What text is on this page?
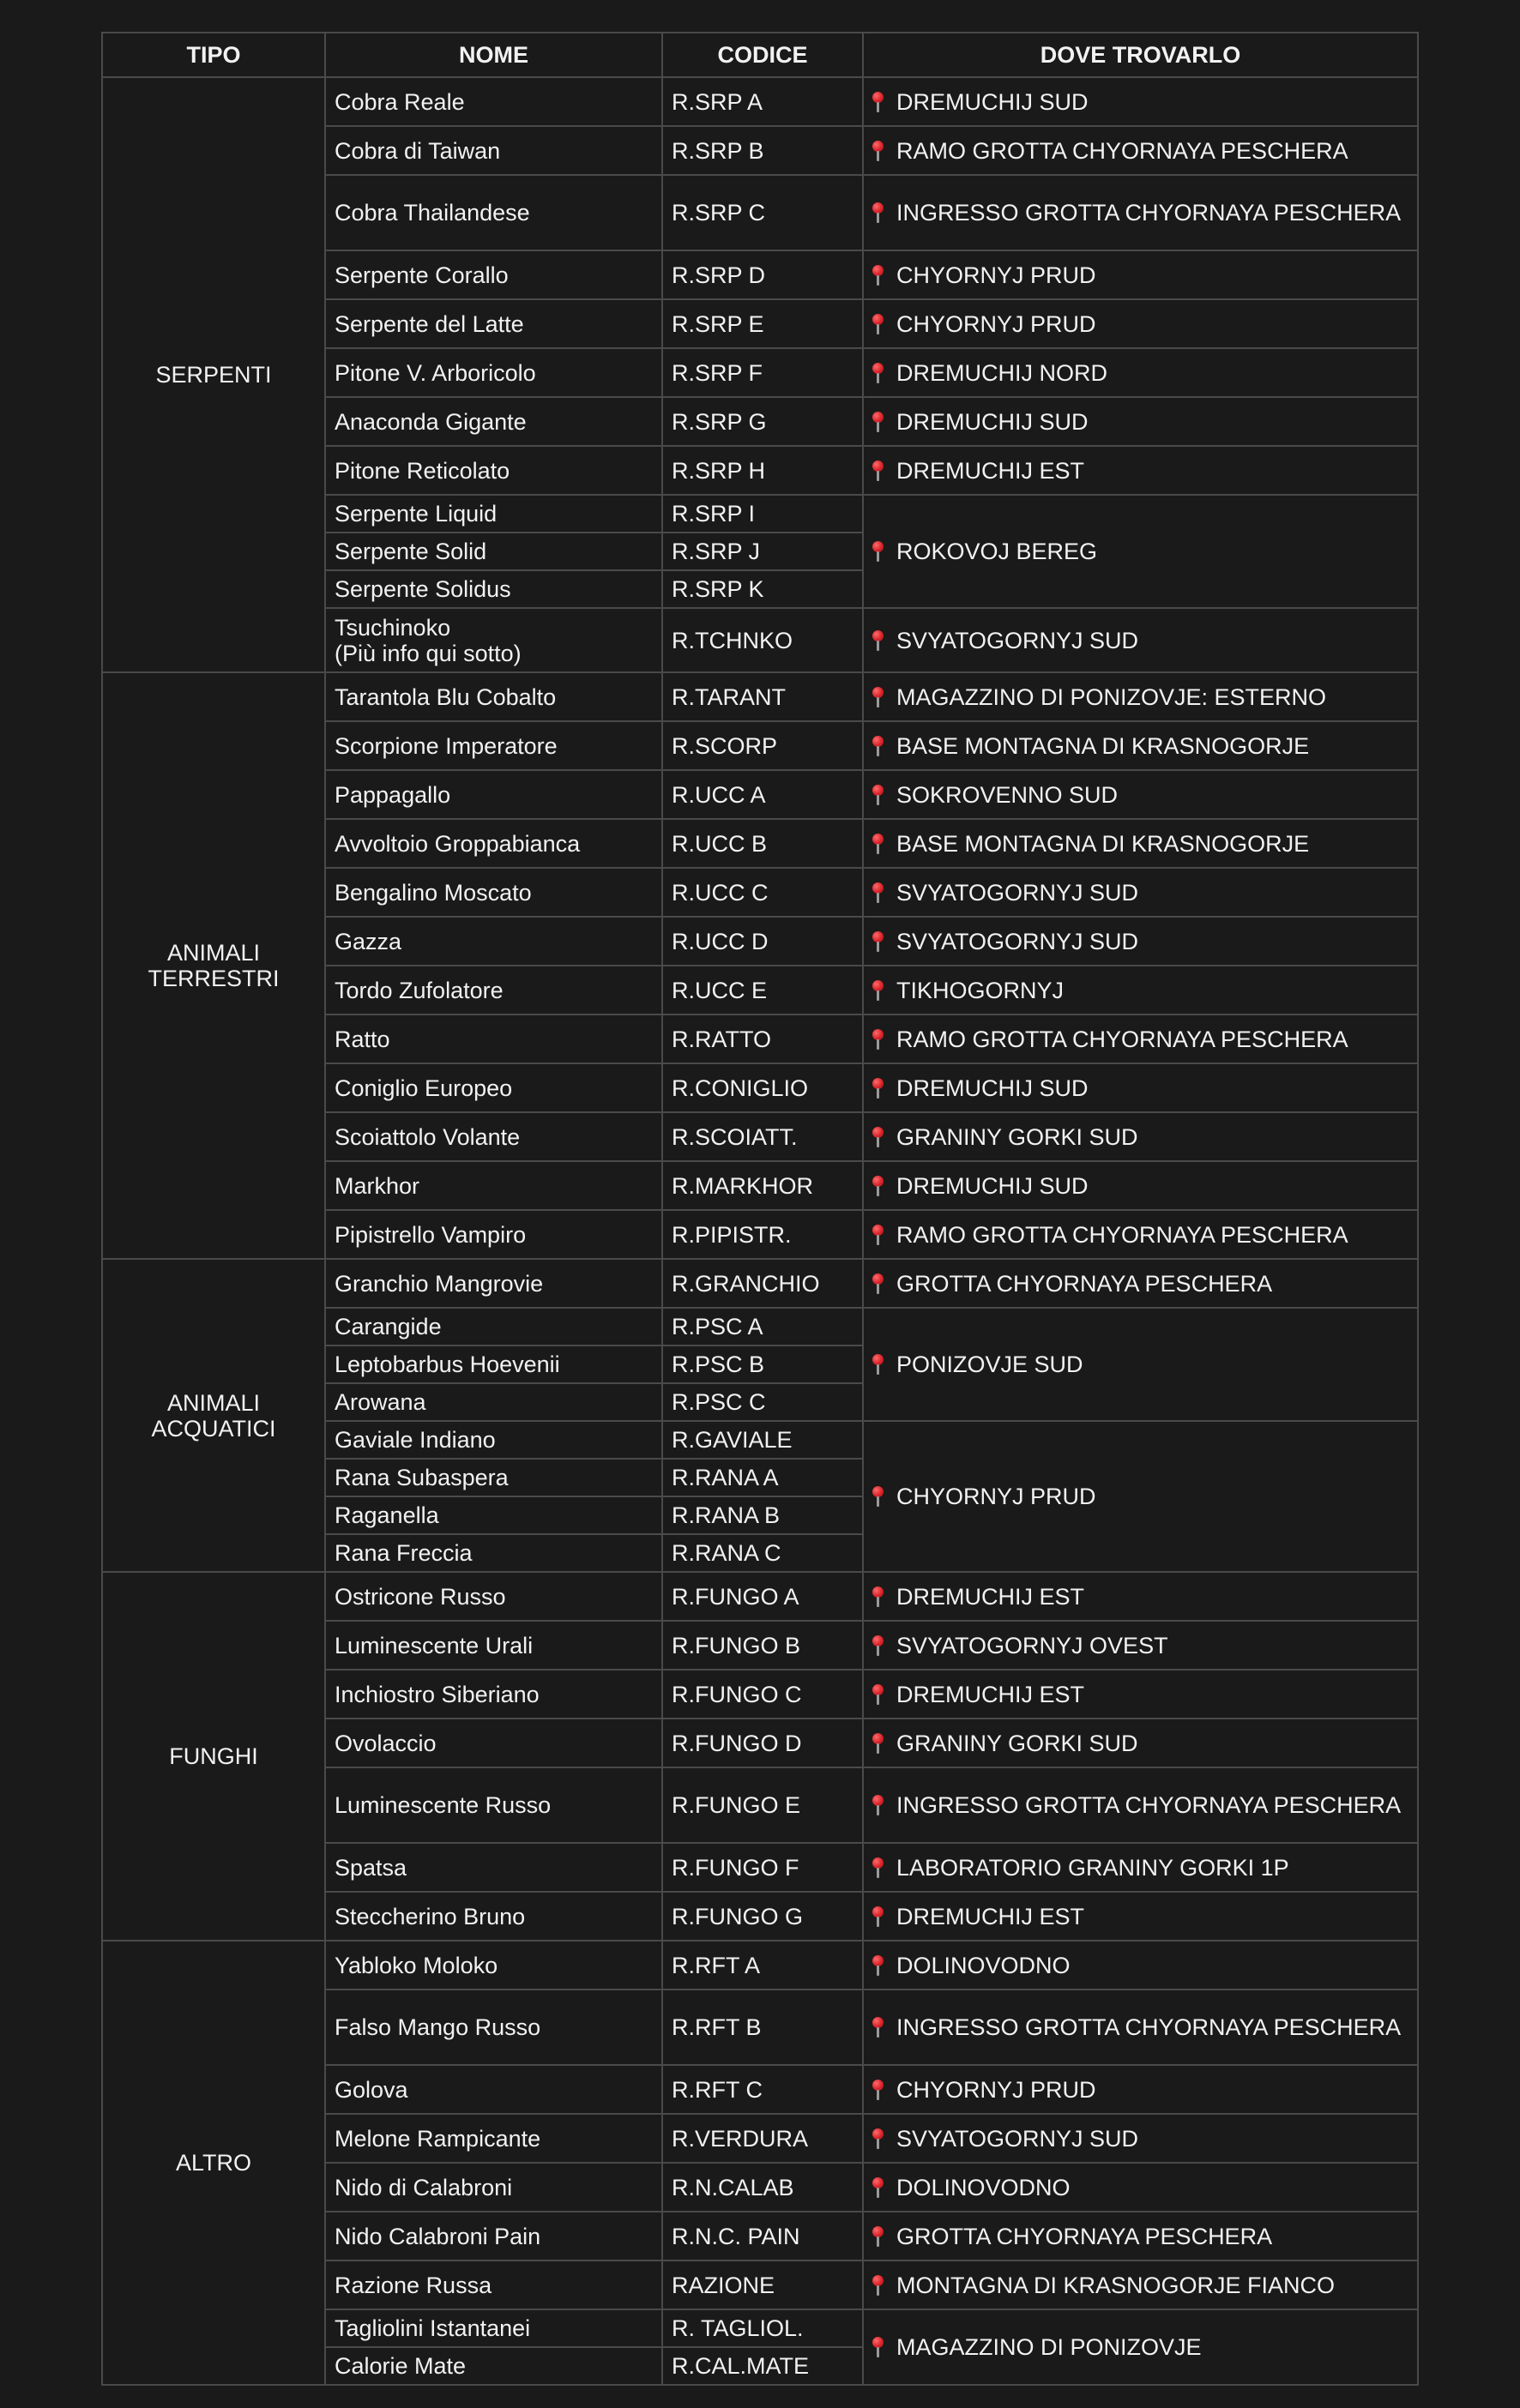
TIPO	NOME	CODICE	DOVE TROVARLO
SERPENTI	Cobra Reale	R.SRP A	DREMUCHIJ SUD
	Cobra di Taiwan	R.SRP B	RAMO GROTTA CHYORNAYA PESCHERA
	Cobra Thailandese	R.SRP C	INGRESSO GROTTA CHYORNAYA PESCHERA
	Serpente Corallo	R.SRP D	CHYORNYJ PRUD
	Serpente del Latte	R.SRP E	CHYORNYJ PRUD
	Pitone V. Arboricolo	R.SRP F	DREMUCHIJ NORD
	Anaconda Gigante	R.SRP G	DREMUCHIJ SUD
	Pitone Reticolato	R.SRP H	DREMUCHIJ EST
	Serpente Liquid	R.SRP I	ROKOVOJ BEREG
	Serpente Solid	R.SRP J	
	Serpente Solidus	R.SRP K	
	Tsuchinoko
(Più info qui sotto)	R.TCHNKO	SVYATOGORNYJ SUD
ANIMALI
TERRESTRI	Tarantola Blu Cobalto	R.TARANT	MAGAZZINO DI PONIZOVJE: ESTERNO
	Scorpione Imperatore	R.SCORP	BASE MONTAGNA DI KRASNOGORJE
	Pappagallo	R.UCC A	SOKROVENNO SUD
	Avvoltoio Groppabianca	R.UCC B	BASE MONTAGNA DI KRASNOGORJE
	Bengalino Moscato	R.UCC C	SVYATOGORNYJ SUD
	Gazza	R.UCC D	SVYATOGORNYJ SUD
	Tordo Zufolatore	R.UCC E	TIKHOGORNYJ
	Ratto	R.RATTO	RAMO GROTTA CHYORNAYA PESCHERA
	Coniglio Europeo	R.CONIGLIO	DREMUCHIJ SUD
	Scoiattolo Volante	R.SCOIATT.	GRANINY GORKI SUD
	Markhor	R.MARKHOR	DREMUCHIJ SUD
	Pipistrello Vampiro	R.PIPISTR.	RAMO GROTTA CHYORNAYA PESCHERA
ANIMALI
ACQUATICI	Granchio Mangrovie	R.GRANCHIO	GROTTA CHYORNAYA PESCHERA
	Carangide	R.PSC A	PONIZOVJE SUD
	Leptobarbus Hoevenii	R.PSC B	
	Arowana	R.PSC C	
	Gaviale Indiano	R.GAVIALE	CHYORNYJ PRUD
	Rana Subaspera	R.RANA A	
	Raganella	R.RANA B	
	Rana Freccia	R.RANA C	
FUNGHI	Ostricone Russo	R.FUNGO A	DREMUCHIJ EST
	Luminescente Urali	R.FUNGO B	SVYATOGORNYJ OVEST
	Inchiostro Siberiano	R.FUNGO C	DREMUCHIJ EST
	Ovolaccio	R.FUNGO D	GRANINY GORKI SUD
	Luminescente Russo	R.FUNGO E	INGRESSO GROTTA CHYORNAYA PESCHERA
	Spatsa	R.FUNGO F	LABORATORIO GRANINY GORKI 1P
	Steccherino Bruno	R.FUNGO G	DREMUCHIJ EST
ALTRO	Yabloko Moloko	R.RFT A	DOLINOVODNO
	Falso Mango Russo	R.RFT B	INGRESSO GROTTA CHYORNAYA PESCHERA
	Golova	R.RFT C	CHYORNYJ PRUD
	Melone Rampicante	R.VERDURA	SVYATOGORNYJ SUD
	Nido di Calabroni	R.N.CALAB	DOLINOVODNO
	Nido Calabroni Pain	R.N.C. PAIN	GROTTA CHYORNAYA PESCHERA
	Razione Russa	RAZIONE	MONTAGNA DI KRASNOGORJE FIANCO
	Tagliolini Istantanei	R. TAGLIOL.	MAGAZZINO DI PONIZOVJE
	Calorie Mate	R.CAL.MATE	
